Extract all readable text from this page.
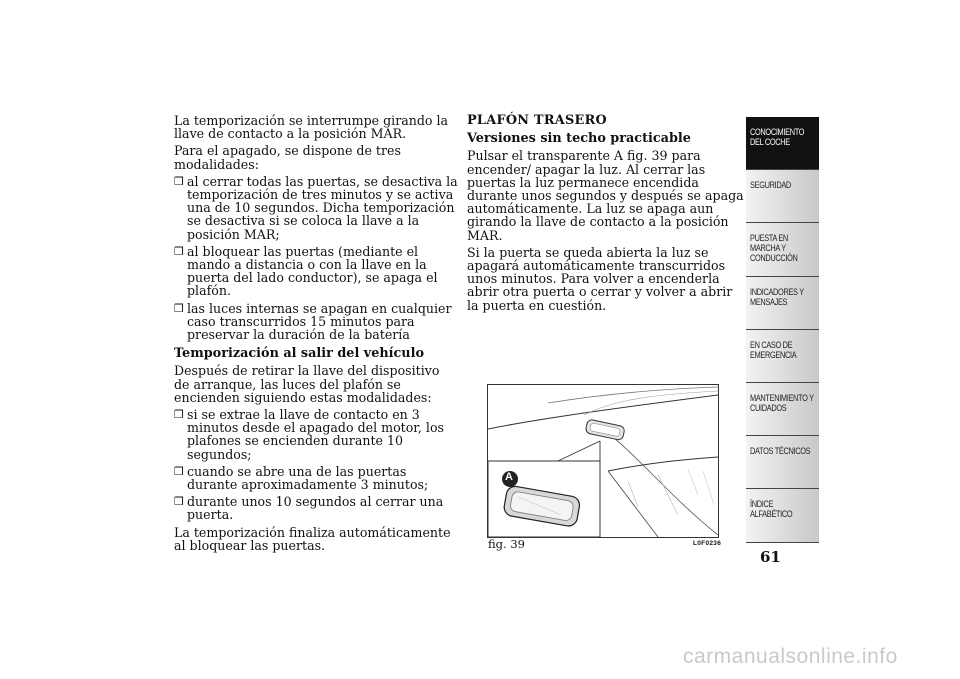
La temporización se interrumpe girando la llave de contacto a la posición MAR.

Para el apagado, se dispone de tres modalidades:

❒ al cerrar todas las puertas, se desactiva la temporización de tres minutos y se activa una de 10 segundos. Dicha temporización se desactiva si se coloca la llave a la posición MAR;
❒ al bloquear las puertas (mediante el mando a distancia o con la llave en la puerta del lado conductor), se apaga el plafón.
❒ las luces internas se apagan en cualquier caso transcurridos 15 minutos para preservar la duración de la batería
Temporización al salir del vehículo

Después de retirar la llave del dispositivo de arranque, las luces del plafón se encienden siguiendo estas modalidades:

❒ si se extrae la llave de contacto en 3 minutos desde el apagado del motor, los plafones se encienden durante 10 segundos;
❒ cuando se abre una de las puertas durante aproximadamente 3 minutos;
❒ durante unos 10 segundos al cerrar una puerta.

La temporización finaliza automáticamente al bloquear las puertas.

PLAFÓN TRASERO
Versiones sin techo practicable

Pulsar el transparente A fig. 39 para encender/ apagar la luz. Al cerrar las puertas la luz permanece encendida durante unos segundos y después se apaga automáticamente. La luz se apaga aun girando la llave de contacto a la posición MAR.

Si la puerta se queda abierta la luz se apagará automáticamente transcurridos unos minutos. Para volver a encenderla abrir otra puerta o cerrar y volver a abrir la puerta en cuestión.

A
fig. 39	L0F0236
CONOCIMIENTO DEL COCHE
SEGURIDAD
PUESTA EN MARCHA Y CONDUCCIÓN
INDICADORES Y MENSAJES
EN CASO DE EMERGENCIA
MANTENIMIENTO Y CUIDADOS
DATOS TÉCNICOS
ÍNDICE ALFABÉTICO
61
carmanualsonline.info
